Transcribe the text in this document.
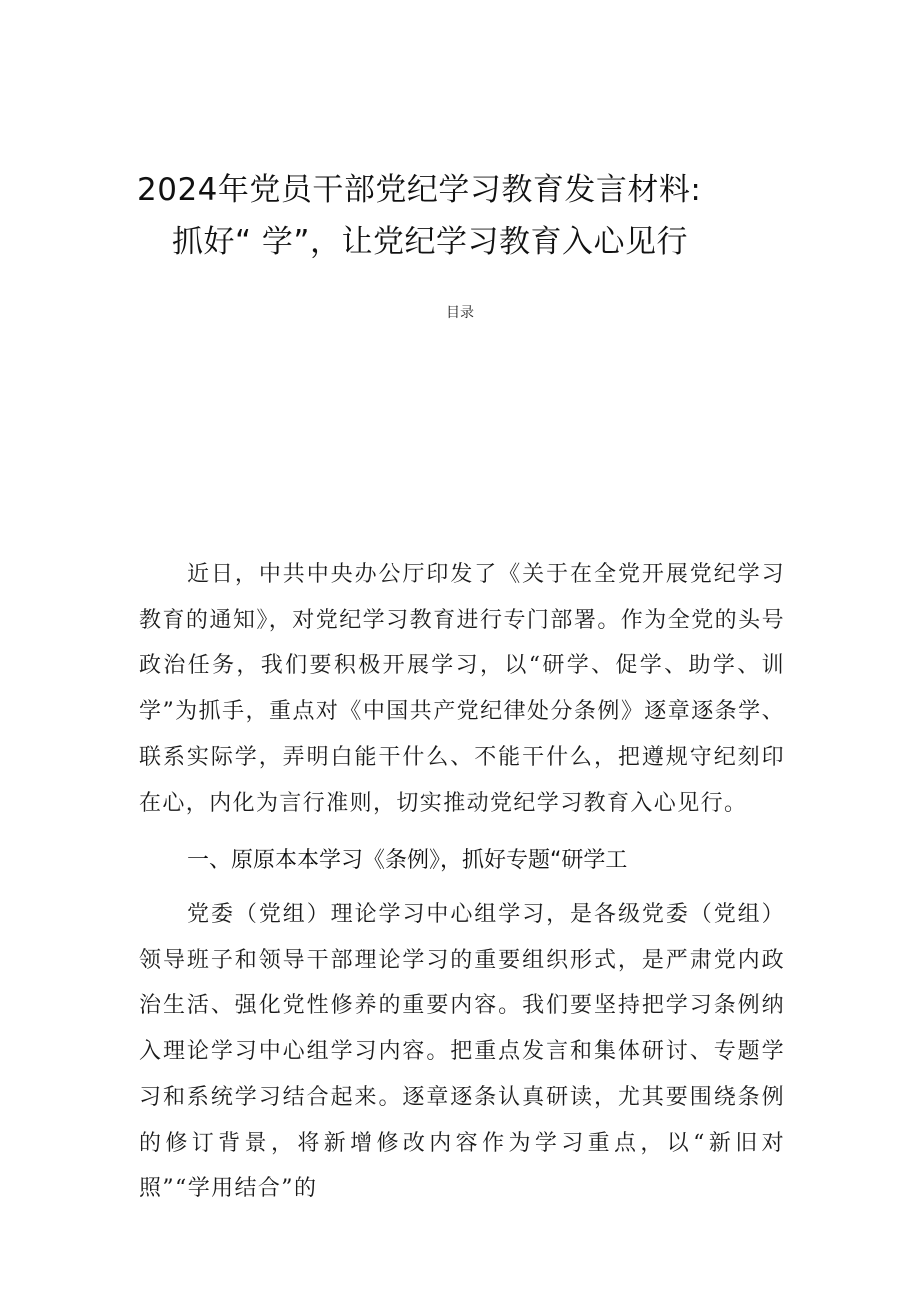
2024年党员干部党纪学习教育发言材料:
抓好“ 学”，让党纪学习教育入心见行
目录
近日，中共中央办公厅印发了《关于在全党开展党纪学习教育的通知》，对党纪学习教育进行专门部署。作为全党的头号政治任务，我们要积极开展学习，以“研学、促学、助学、训学”为抓手，重点对《中国共产党纪律处分条例》逐章逐条学、联系实际学，弄明白能干什么、不能干什么，把遵规守纪刻印在心，内化为言行准则，切实推动党纪学习教育入心见行。
一、原原本本学习《条例》，抓好专题“研学工
党委（党组）理论学习中心组学习，是各级党委（党组）领导班子和领导干部理论学习的重要组织形式，是严肃党内政治生活、强化党性修养的重要内容。我们要坚持把学习条例纳入理论学习中心组学习内容。把重点发言和集体研讨、专题学习和系统学习结合起来。逐章逐条认真研读，尤其要围绕条例的修订背景，将新增修改内容作为学习重点，以“新旧对照”“学用结合”的
